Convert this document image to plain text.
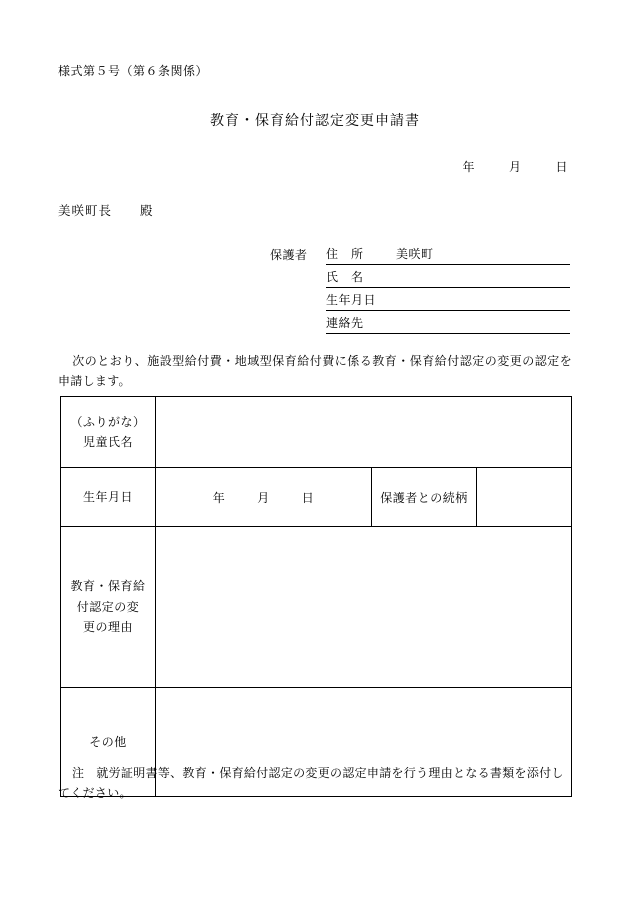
様式第５号（第６条関係）
教育・保育給付認定変更申請書
年	月	日
美咲町長 殿
保護者	住　所	美咲町
氏　名
生年月日
連絡先
次のとおり、施設型給付費・地域型保育給付費に係る教育・保育給付認定の変更の認定を申請します。
（ふりがな）
児童氏名			

生年月日	年 月 日	保護者との続柄	

教育・保育給
付認定の変
更の理由			

その他			
注 就労証明書等、教育・保育給付認定の変更の認定申請を行う理由となる書類を添付してください。
